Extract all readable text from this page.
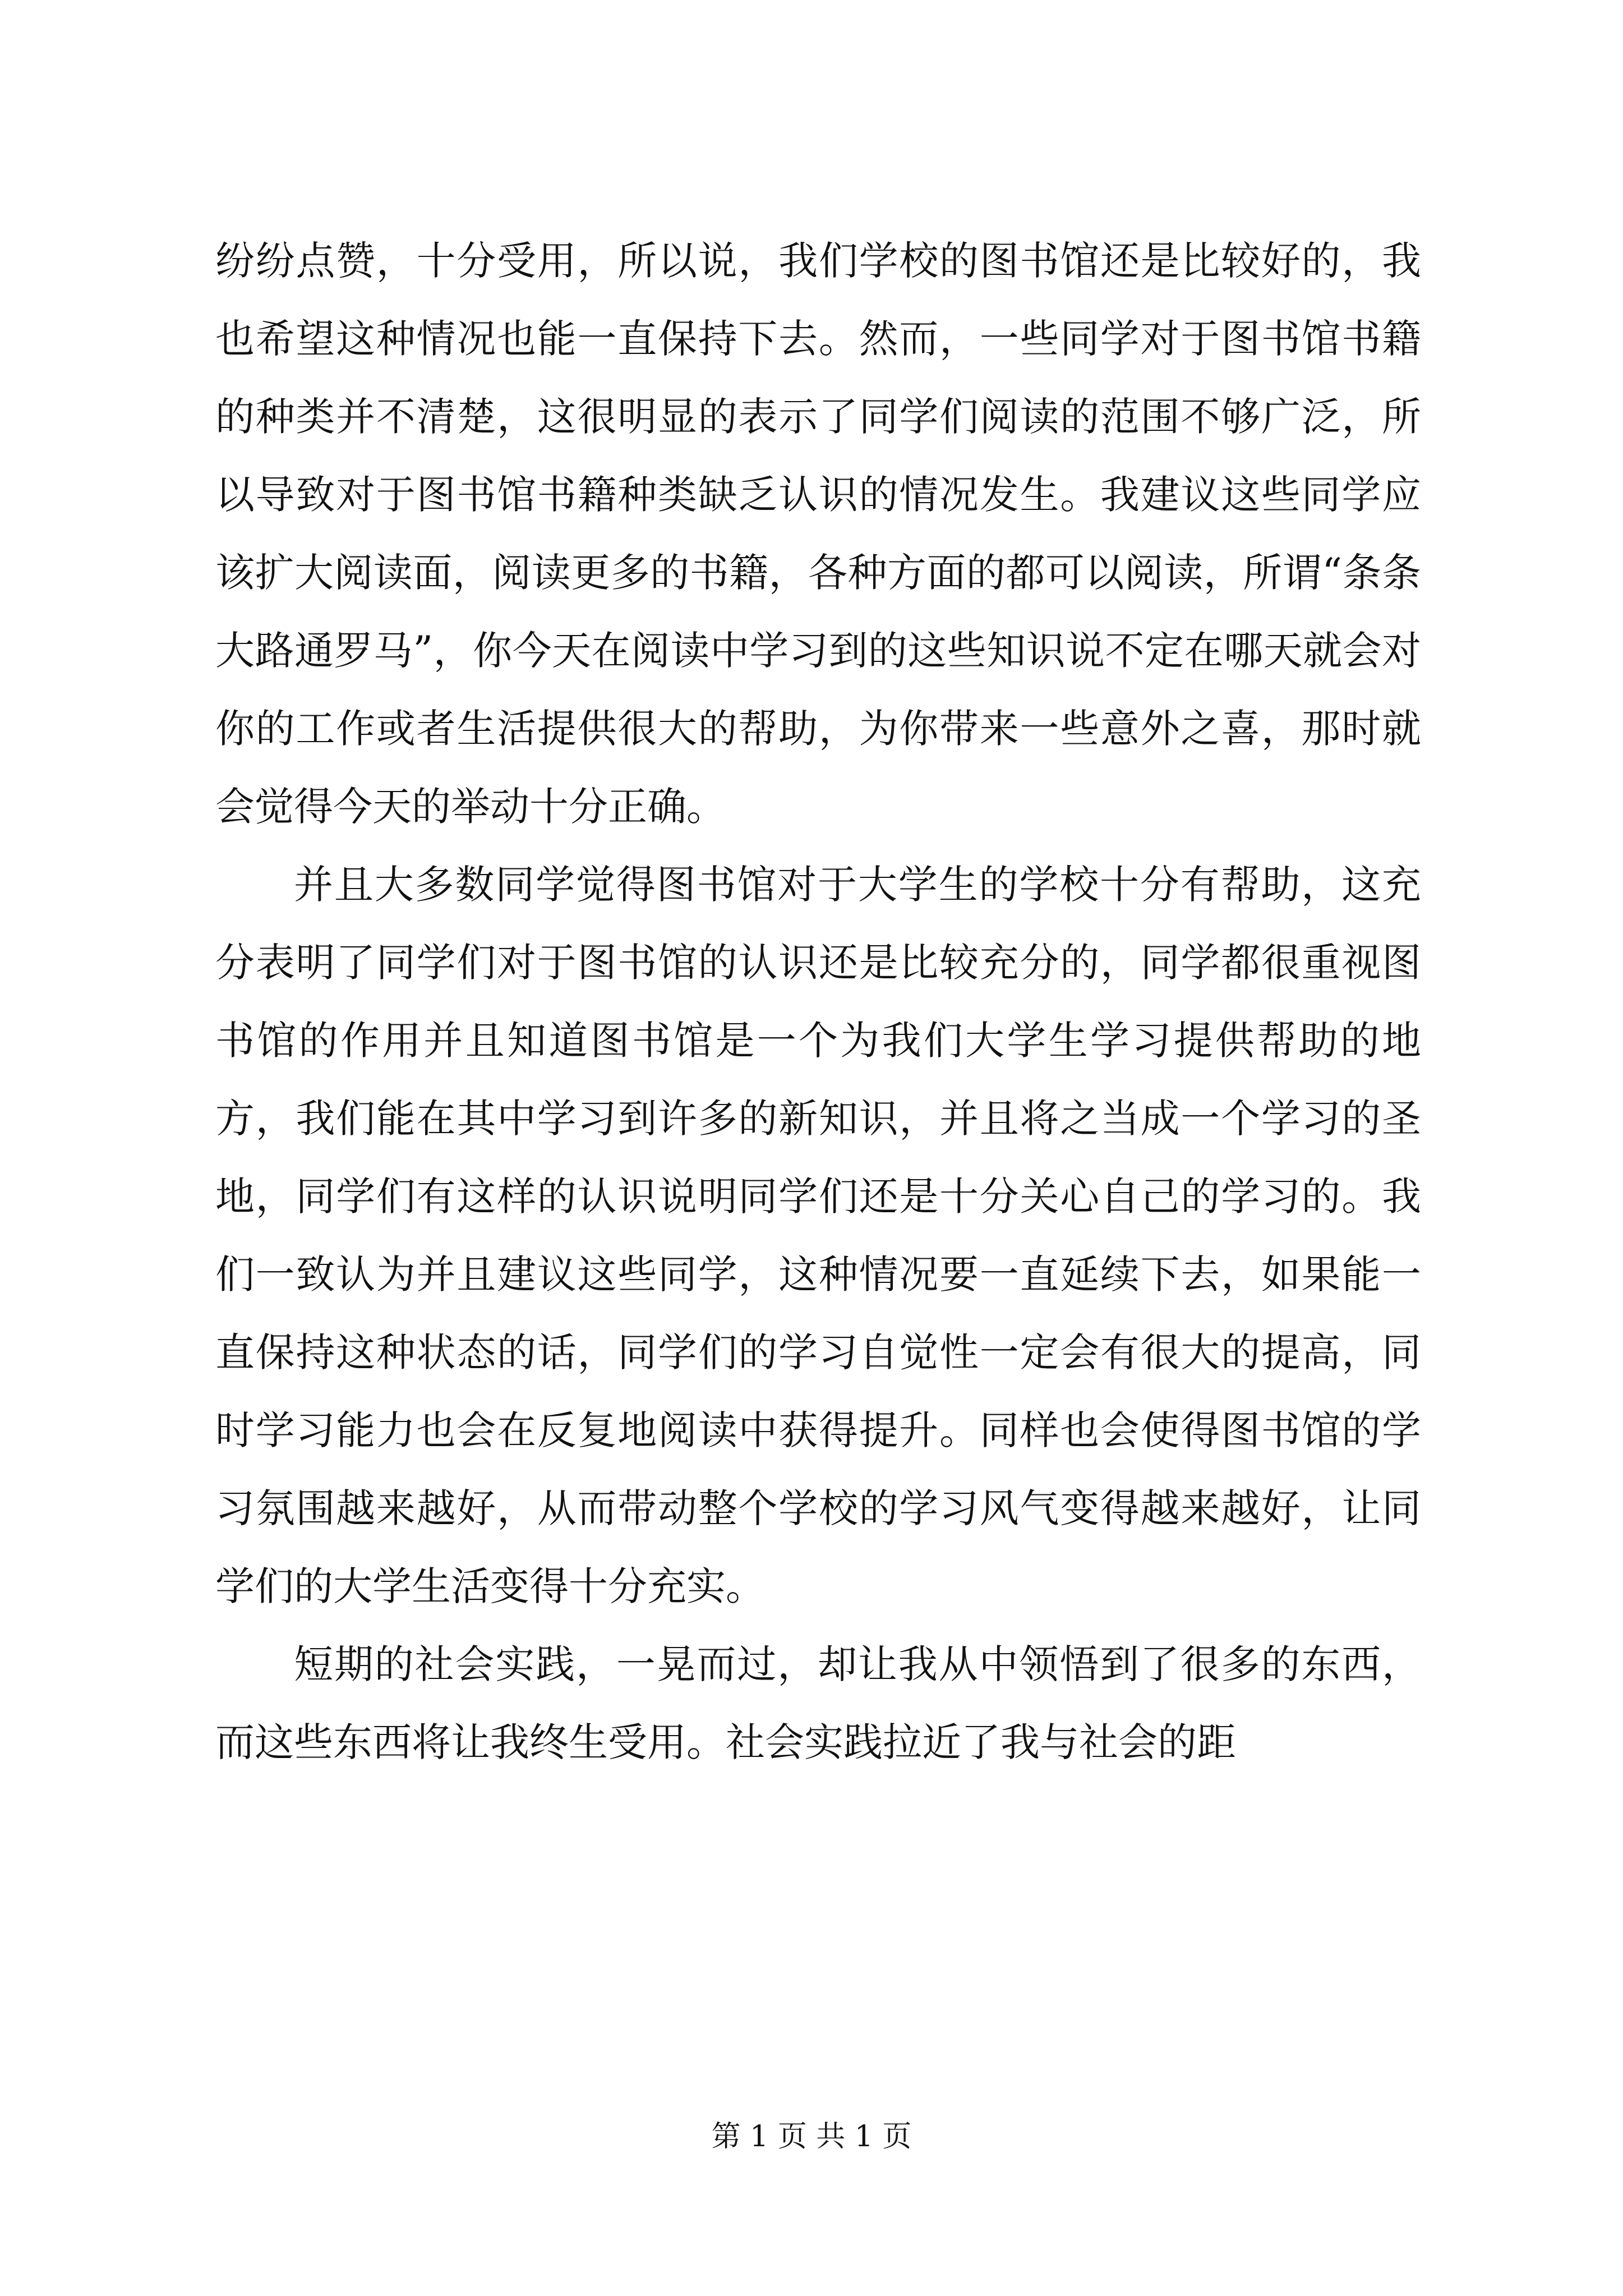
纷纷点赞，十分受用，所以说，我们学校的图书馆还是比较好的，我也希望这种情况也能一直保持下去。然而，一些同学对于图书馆书籍的种类并不清楚，这很明显的表示了同学们阅读的范围不够广泛，所以导致对于图书馆书籍种类缺乏认识的情况发生。我建议这些同学应该扩大阅读面，阅读更多的书籍，各种方面的都可以阅读，所谓“条条大路通罗马”，你今天在阅读中学习到的这些知识说不定在哪天就会对你的工作或者生活提供很大的帮助，为你带来一些意外之喜，那时就会觉得今天的举动十分正确。

并且大多数同学觉得图书馆对于大学生的学校十分有帮助，这充分表明了同学们对于图书馆的认识还是比较充分的，同学都很重视图书馆的作用并且知道图书馆是一个为我们大学生学习提供帮助的地方，我们能在其中学习到许多的新知识，并且将之当成一个学习的圣地，同学们有这样的认识说明同学们还是十分关心自己的学习的。我们一致认为并且建议这些同学，这种情况要一直延续下去，如果能一直保持这种状态的话，同学们的学习自觉性一定会有很大的提高，同时学习能力也会在反复地阅读中获得提升。同样也会使得图书馆的学习氛围越来越好，从而带动整个学校的学习风气变得越来越好，让同学们的大学生活变得十分充实。

短期的社会实践，一晃而过，却让我从中领悟到了很多的东西，而这些东西将让我终生受用。社会实践拉近了我与社会的距

第 1 页 共 1 页
